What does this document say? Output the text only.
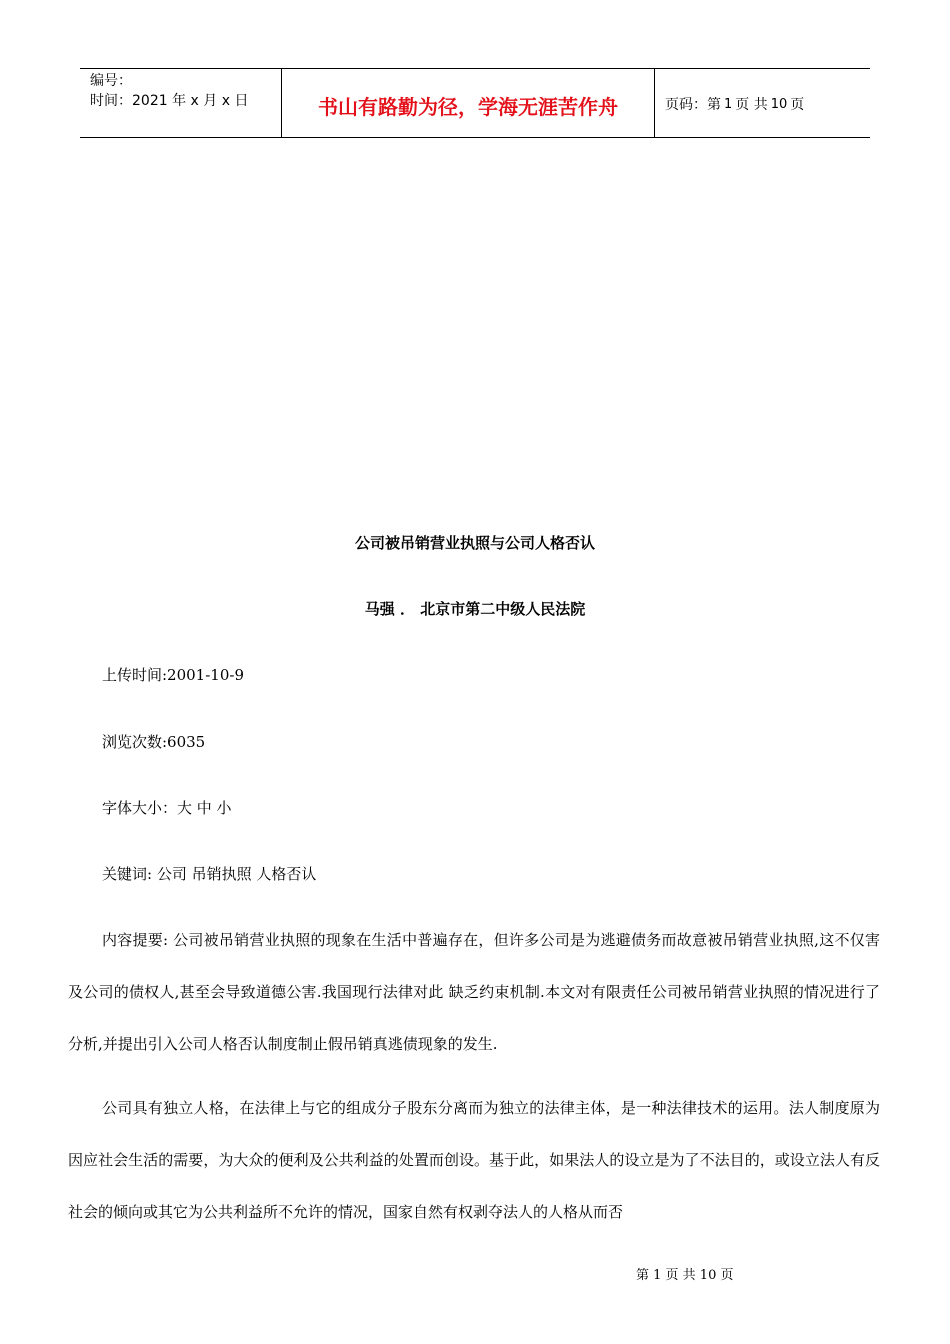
编号：
时间：2021 年 x 月 x 日	书山有路勤为径，学海无涯苦作舟	页码：第 1 页 共 10 页
公司被吊销营业执照与公司人格否认
马强 ． 北京市第二中级人民法院
上传时间:2001-10-9
浏览次数:6035
字体大小：大 中 小
关键词: 公司 吊销执照 人格否认
内容提要: 公司被吊销营业执照的现象在生活中普遍存在，但许多公司是为逃避债务而故意被吊销营业执照,这不仅害及公司的债权人,甚至会导致道德公害.我国现行法律对此 缺乏约束机制.本文对有限责任公司被吊销营业执照的情况进行了分析,并提出引入公司人格否认制度制止假吊销真逃债现象的发生.
公司具有独立人格，在法律上与它的组成分子股东分离而为独立的法律主体，是一种法律技术的运用。法人制度原为因应社会生活的需要，为大众的便利及公共利益的处置而创设。基于此，如果法人的设立是为了不法目的，或设立法人有反社会的倾向或其它为公共利益所不允许的情况，国家自然有权剥夺法人的人格从而否
第 1 页 共 10 页
